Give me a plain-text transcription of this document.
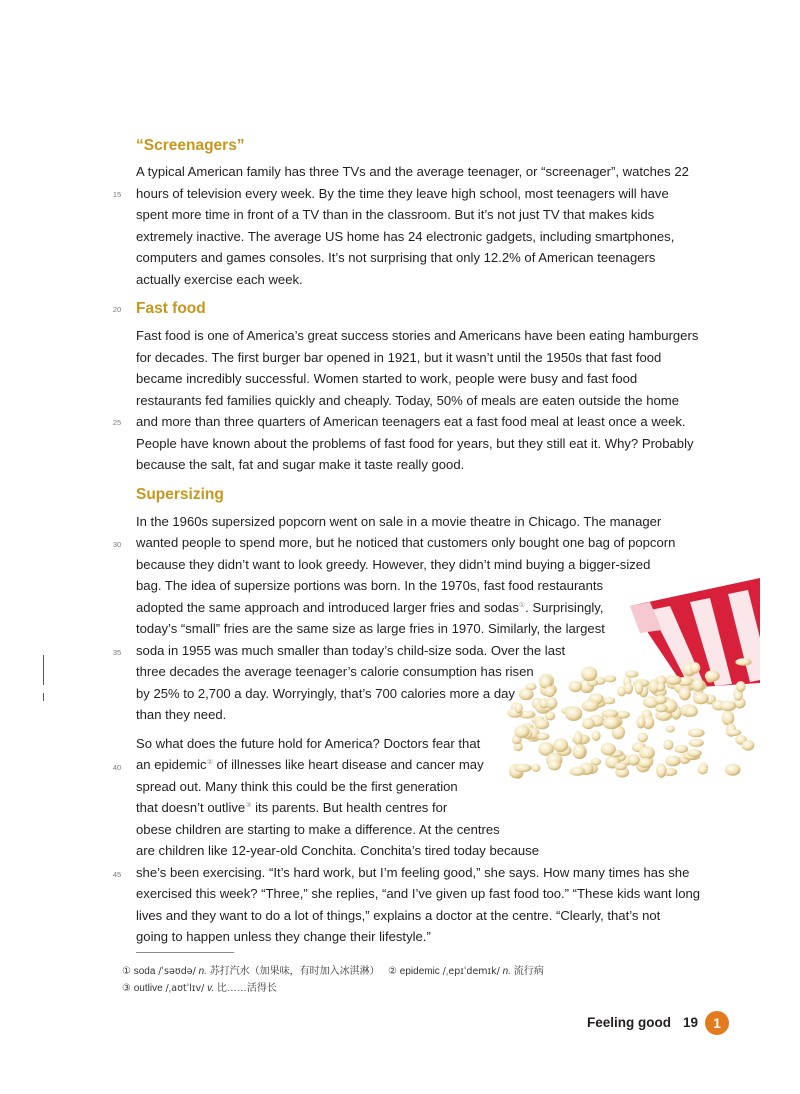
15
20
25
30
35
40
45
“Screenagers”
A typical American family has three TVs and the average teenager, or “screenager”, watches 22
hours of television every week. By the time they leave high school, most teenagers will have
spent more time in front of a TV than in the classroom. But it’s not just TV that makes kids
extremely inactive. The average US home has 24 electronic gadgets, including smartphones,
computers and games consoles. It’s not surprising that only 12.2% of American teenagers
actually exercise each week.
Fast food
Fast food is one of America’s great success stories and Americans have been eating hamburgers
for decades. The first burger bar opened in 1921, but it wasn’t until the 1950s that fast food
became incredibly successful. Women started to work, people were busy and fast food
restaurants fed families quickly and cheaply. Today, 50% of meals are eaten outside the home
and more than three quarters of American teenagers eat a fast food meal at least once a week.
People have known about the problems of fast food for years, but they still eat it. Why? Probably
because the salt, fat and sugar make it taste really good.
Supersizing
In the 1960s supersized popcorn went on sale in a movie theatre in Chicago. The manager
wanted people to spend more, but he noticed that customers only bought one bag of popcorn
because they didn’t want to look greedy. However, they didn’t mind buying a bigger-sized
bag. The idea of supersize portions was born. In the 1970s, fast food restaurants
adopted the same approach and introduced larger fries and sodas①. Surprisingly,
today’s “small” fries are the same size as large fries in 1970. Similarly, the largest
soda in 1955 was much smaller than today’s child-size soda. Over the last
three decades the average teenager’s calorie consumption has risen
by 25% to 2,700 a day. Worryingly, that’s 700 calories more a day
than they need.
So what does the future hold for America? Doctors fear that
an epidemic② of illnesses like heart disease and cancer may
spread out. Many think this could be the first generation
that doesn’t outlive③ its parents. But health centres for
obese children are starting to make a difference. At the centres
are children like 12-year-old Conchita. Conchita’s tired today because
she’s been exercising. “It’s hard work, but I’m feeling good,” she says. How many times has she
exercised this week? “Three,” she replies, “and I’ve given up fast food too.” “These kids want long
lives and they want to do a lot of things,” explains a doctor at the centre. “Clearly, that’s not
going to happen unless they change their lifestyle.”
① soda /ˈsəʊdə/ n. 苏打汽水（加果味，有时加入冰淇淋） ② epidemic /ˌepɪˈdemɪk/ n. 流行病
③ outlive /ˌaʊtˈlɪv/ v. 比……活得长
Feeling good 19	1
